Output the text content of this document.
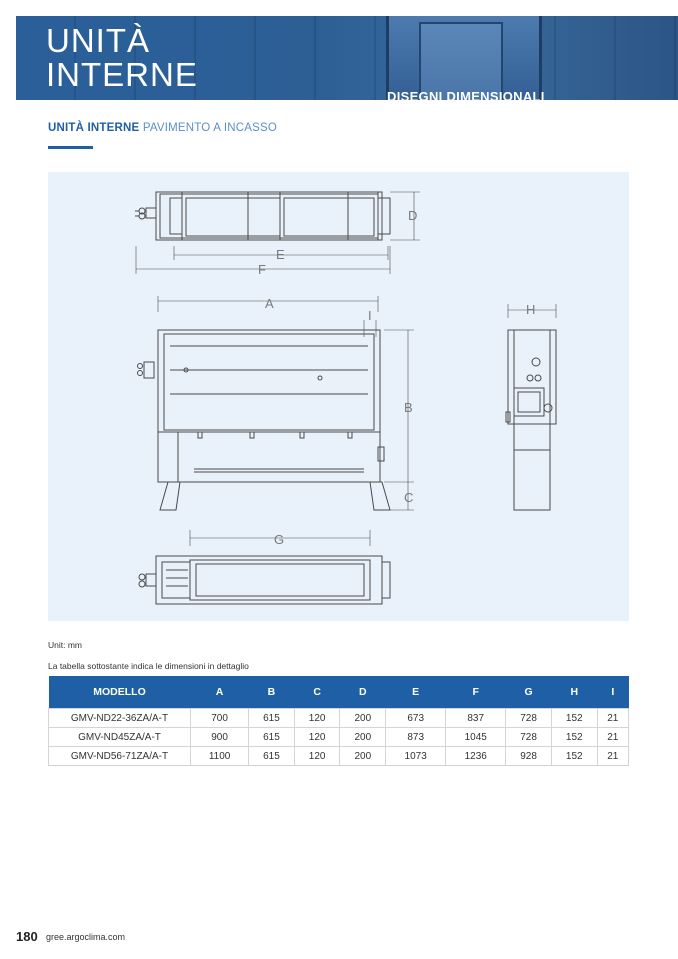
UNITÀ
INTERNE
DISEGNI DIMENSIONALI
UNITÀ INTERNE PAVIMENTO A INCASSO
D
E
F
A
I
B
C
H
G
Unit: mm
La tabella sottostante indica le dimensioni in dettaglio
MODELLO	A	B	C	D	E	F	G	H	I
GMV-ND22-36ZA/A-T	700	615	120	200	673	837	728	152	21
GMV-ND45ZA/A-T	900	615	120	200	873	1045	728	152	21
GMV-ND56-71ZA/A-T	1100	615	120	200	1073	1236	928	152	21
180 gree.argoclima.com
